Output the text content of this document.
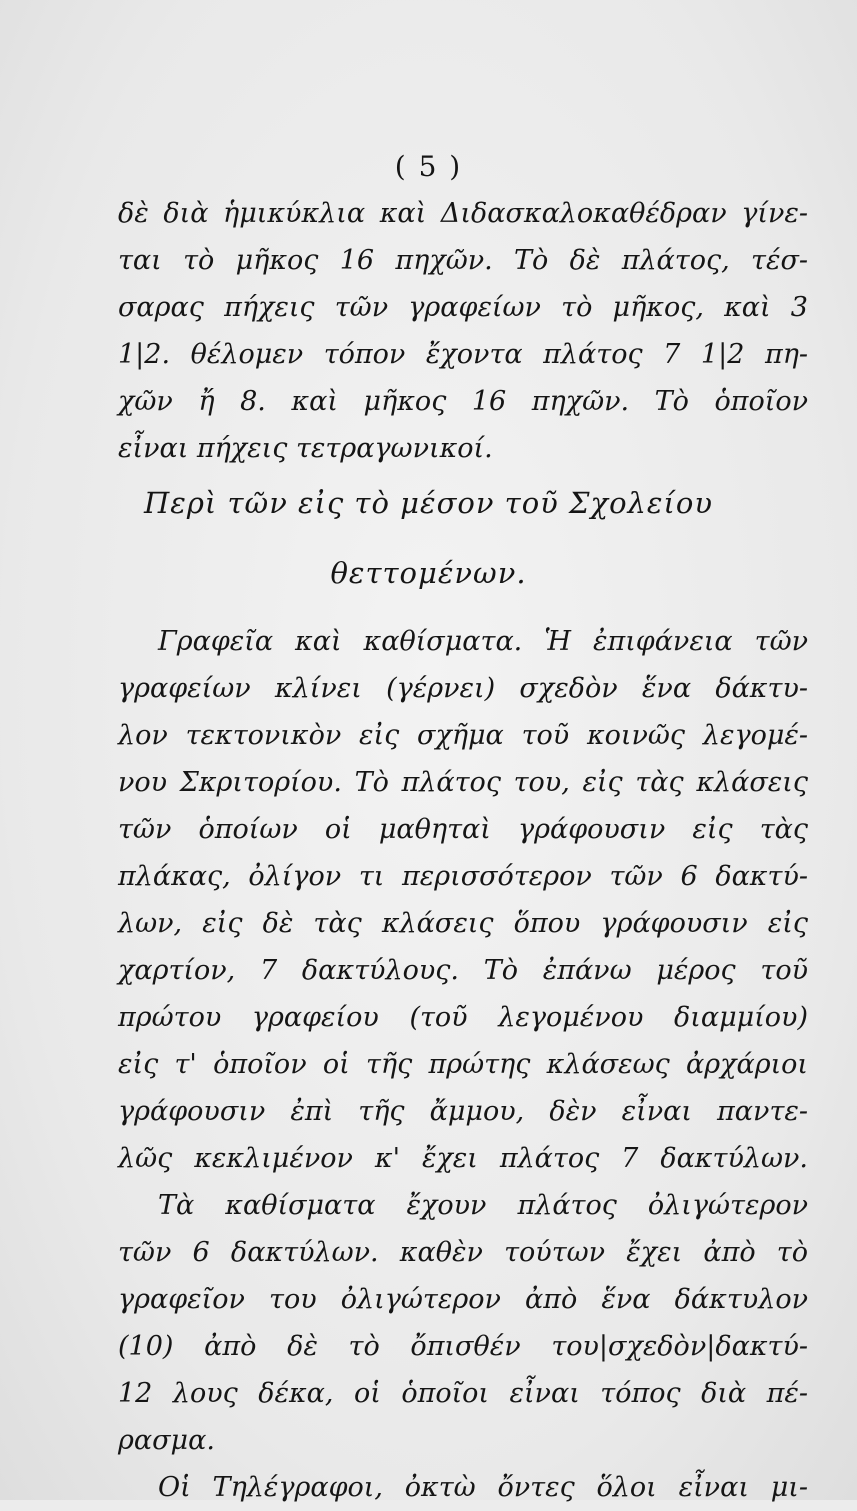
( 5 )
δὲ διὰ ἡμικύκλια καὶ Διδασκαλοκαθέδραν γίνε-
ται τὸ μῆκος 16 πηχῶν. Τὸ δὲ πλάτος, τέσ-
σαρας πήχεις τῶν γραφείων τὸ μῆκος, καὶ 3
1|2. θέλομεν τόπον ἔχοντα πλάτος 7 1|2 πη-
χῶν ἤ 8. καὶ μῆκος 16 πηχῶν. Τὸ ὁποῖον
εἶναι πήχεις τετραγωνικοί.
Περὶ τῶν εἰς τὸ μέσον τοῦ Σχολείου
θεττομένων.
Γραφεῖα καὶ καθίσματα. Ἡ ἐπιφάνεια τῶν
γραφείων κλίνει (γέρνει) σχεδὸν ἕνα δάκτυ-
λον τεκτονικὸν εἰς σχῆμα τοῦ κοινῶς λεγομέ-
νου Σκριτορίου. Τὸ πλάτος του, εἰς τὰς κλάσεις
τῶν ὁποίων οἱ μαθηταὶ γράφουσιν εἰς τὰς
πλάκας, ὀλίγον τι περισσότερον τῶν 6 δακτύ-
λων, εἰς δὲ τὰς κλάσεις ὅπου γράφουσιν εἰς
χαρτίον, 7 δακτύλους. Τὸ ἐπάνω μέρος τοῦ
πρώτου γραφείου (τοῦ λεγομένου διαμμίου)
εἰς τ' ὁποῖον οἱ τῆς πρώτης κλάσεως ἀρχάριοι
γράφουσιν ἐπὶ τῆς ἄμμου, δὲν εἶναι παντε-
λῶς κεκλιμένον κ' ἔχει πλάτος 7 δακτύλων.
Τὰ καθίσματα ἔχουν πλάτος ὀλιγώτερον
τῶν 6 δακτύλων. καθὲν τούτων ἔχει ἀπὸ τὸ
γραφεῖον του ὀλιγώτερον ἀπὸ ἕνα δάκτυλον
(10) ἀπὸ δὲ τὸ ὄπισθέν του|σχεδὸν|δακτύ-
12 λους δέκα, οἱ ὁποῖοι εἶναι τόπος διὰ πέ-
ρασμα.
Οἱ Τηλέγραφοι, ὀκτὼ ὄντες ὅλοι εἶναι μι-
